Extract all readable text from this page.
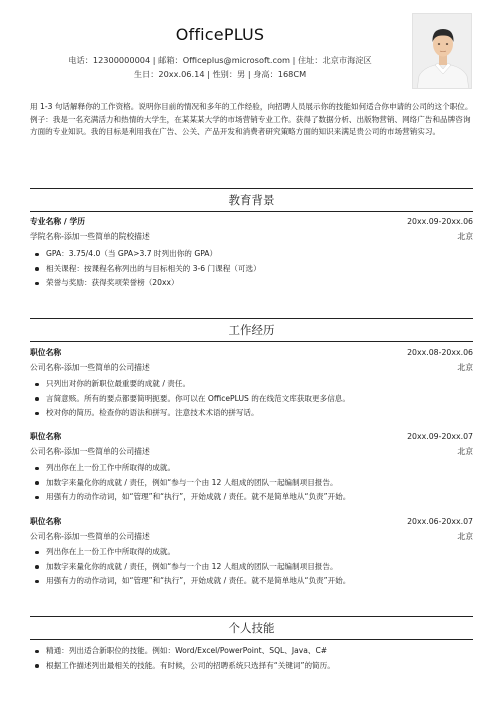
OfficePLUS
电话：12300000004 | 邮箱：Officeplus@microsoft.com | 住址：北京市海淀区
生日：20xx.06.14 | 性别：男 | 身高：168CM
用 1-3 句话解释你的工作资格。说明你目前的情况和多年的工作经验，向招聘人员展示你的技能如何适合你申请的公司的这个职位。例子：我是一名充满活力和热情的大学生，在某某某大学的市场营销专业工作。获得了数据分析、出版物营销、网络广告和品牌咨询方面的专业知识。我的目标是利用我在广告、公关、产品开发和消费者研究策略方面的知识来满足贵公司的市场营销实习。
教育背景
专业名称 / 学历	20xx.09-20xx.06
学院名称-添加一些简单的院校描述	北京
GPA：3.75/4.0（当 GPA>3.7 时列出你的 GPA）
相关课程：按课程名称列出的与目标相关的 3-6 门课程（可选）
荣誉与奖励：获得奖项荣誉榜（20xx）
工作经历
职位名称	20xx.08-20xx.06
公司名称-添加一些简单的公司描述	北京
只列出对你的新职位最重要的成就 / 责任。
言简意赅。所有的要点都要简明扼要。你可以在 OfficePLUS 的在线范文库获取更多信息。
校对你的简历。检查你的语法和拼写。注意技术术语的拼写话。
职位名称	20xx.09-20xx.07
公司名称-添加一些简单的公司描述	北京
列出你在上一份工作中所取得的成就。
加数字来量化你的成就 / 责任，例如“参与一个由 12 人组成的团队一起编制项目报告。
用强有力的动作动词，如“管理”和“执行”，开始成就 / 责任。就不是简单地从“负责”开始。
职位名称	20xx.06-20xx.07
公司名称-添加一些简单的公司描述	北京
列出你在上一份工作中所取得的成就。
加数字来量化你的成就 / 责任，例如“参与一个由 12 人组成的团队一起编制项目报告。
用强有力的动作动词，如“管理”和“执行”，开始成就 / 责任。就不是简单地从“负责”开始。
个人技能
精通：列出适合新职位的技能。例如：Word/Excel/PowerPoint、SQL、Java、C#
根据工作描述列出最相关的技能。有时候，公司的招聘系统只选择有“关键词”的简历。
